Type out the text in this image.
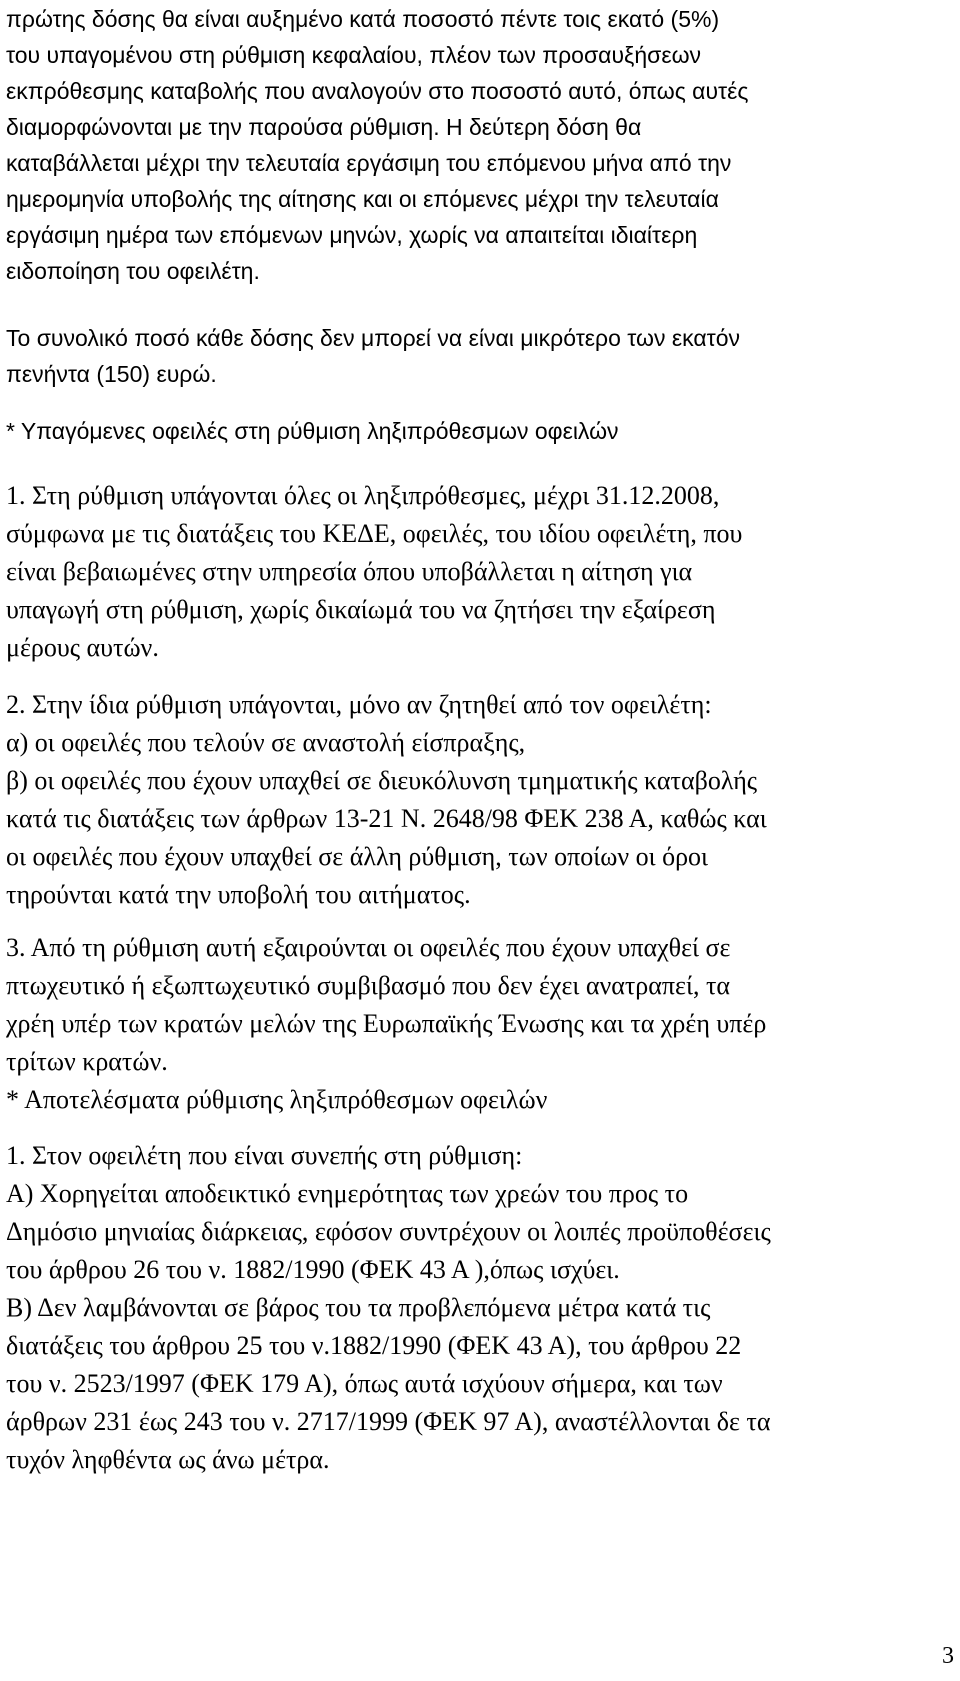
πρώτης δόσης θα είναι αυξημένο κατά ποσοστό πέντε τοις εκατό (5%)
του υπαγομένου στη ρύθμιση κεφαλαίου, πλέον των προσαυξήσεων
εκπρόθεσμης καταβολής που αναλογούν στο ποσοστό αυτό, όπως αυτές
διαμορφώνονται με την παρούσα ρύθμιση. Η δεύτερη δόση θα
καταβάλλεται μέχρι την τελευταία εργάσιμη του επόμενου μήνα από την
ημερομηνία υποβολής της αίτησης και οι επόμενες μέχρι την τελευταία
εργάσιμη ημέρα των επόμενων μηνών, χωρίς να απαιτείται ιδιαίτερη
ειδοποίηση του οφειλέτη.
Το συνολικό ποσό κάθε δόσης δεν μπορεί να είναι μικρότερο των εκατόν
πενήντα (150) ευρώ.
* Υπαγόμενες οφειλές στη ρύθμιση ληξιπρόθεσμων οφειλών
1. Στη ρύθμιση υπάγονται όλες οι ληξιπρόθεσμες, μέχρι 31.12.2008,
σύμφωνα με τις διατάξεις του ΚΕΔΕ, οφειλές, του ιδίου οφειλέτη, που
είναι βεβαιωμένες στην υπηρεσία όπου υποβάλλεται η αίτηση για
υπαγωγή στη ρύθμιση, χωρίς δικαίωμά του να ζητήσει την εξαίρεση
μέρους αυτών.
2. Στην ίδια ρύθμιση υπάγονται, μόνο αν ζητηθεί από τον οφειλέτη:
α) οι οφειλές που τελούν σε αναστολή είσπραξης,
β) οι οφειλές που έχουν υπαχθεί σε διευκόλυνση τμηματικής καταβολής
κατά τις διατάξεις των άρθρων 13-21 Ν. 2648/98 ΦΕΚ 238 Α, καθώς και
οι οφειλές που έχουν υπαχθεί σε άλλη ρύθμιση, των οποίων οι όροι
τηρούνται κατά την υποβολή του αιτήματος.
3. Από τη ρύθμιση αυτή εξαιρούνται οι οφειλές που έχουν υπαχθεί σε
πτωχευτικό ή εξωπτωχευτικό συμβιβασμό που δεν έχει ανατραπεί, τα
χρέη υπέρ των κρατών μελών της Ευρωπαϊκής Ένωσης και τα χρέη υπέρ
τρίτων κρατών.
* Αποτελέσματα ρύθμισης ληξιπρόθεσμων οφειλών
1. Στον οφειλέτη που είναι συνεπής στη ρύθμιση:
Α) Χορηγείται αποδεικτικό ενημερότητας των χρεών του προς το
Δημόσιο μηνιαίας διάρκειας, εφόσον συντρέχουν οι λοιπές προϋποθέσεις
του άρθρου 26 του ν. 1882/1990 (ΦΕΚ 43 Α ),όπως ισχύει.
Β) Δεν λαμβάνονται σε βάρος του τα προβλεπόμενα μέτρα κατά τις
διατάξεις του άρθρου 25 του ν.1882/1990 (ΦΕΚ 43 Α), του άρθρου 22
του ν. 2523/1997 (ΦΕΚ 179 Α), όπως αυτά ισχύουν σήμερα, και των
άρθρων 231 έως 243 του ν. 2717/1999 (ΦΕΚ 97 Α), αναστέλλονται δε τα
τυχόν ληφθέντα ως άνω μέτρα.
3
